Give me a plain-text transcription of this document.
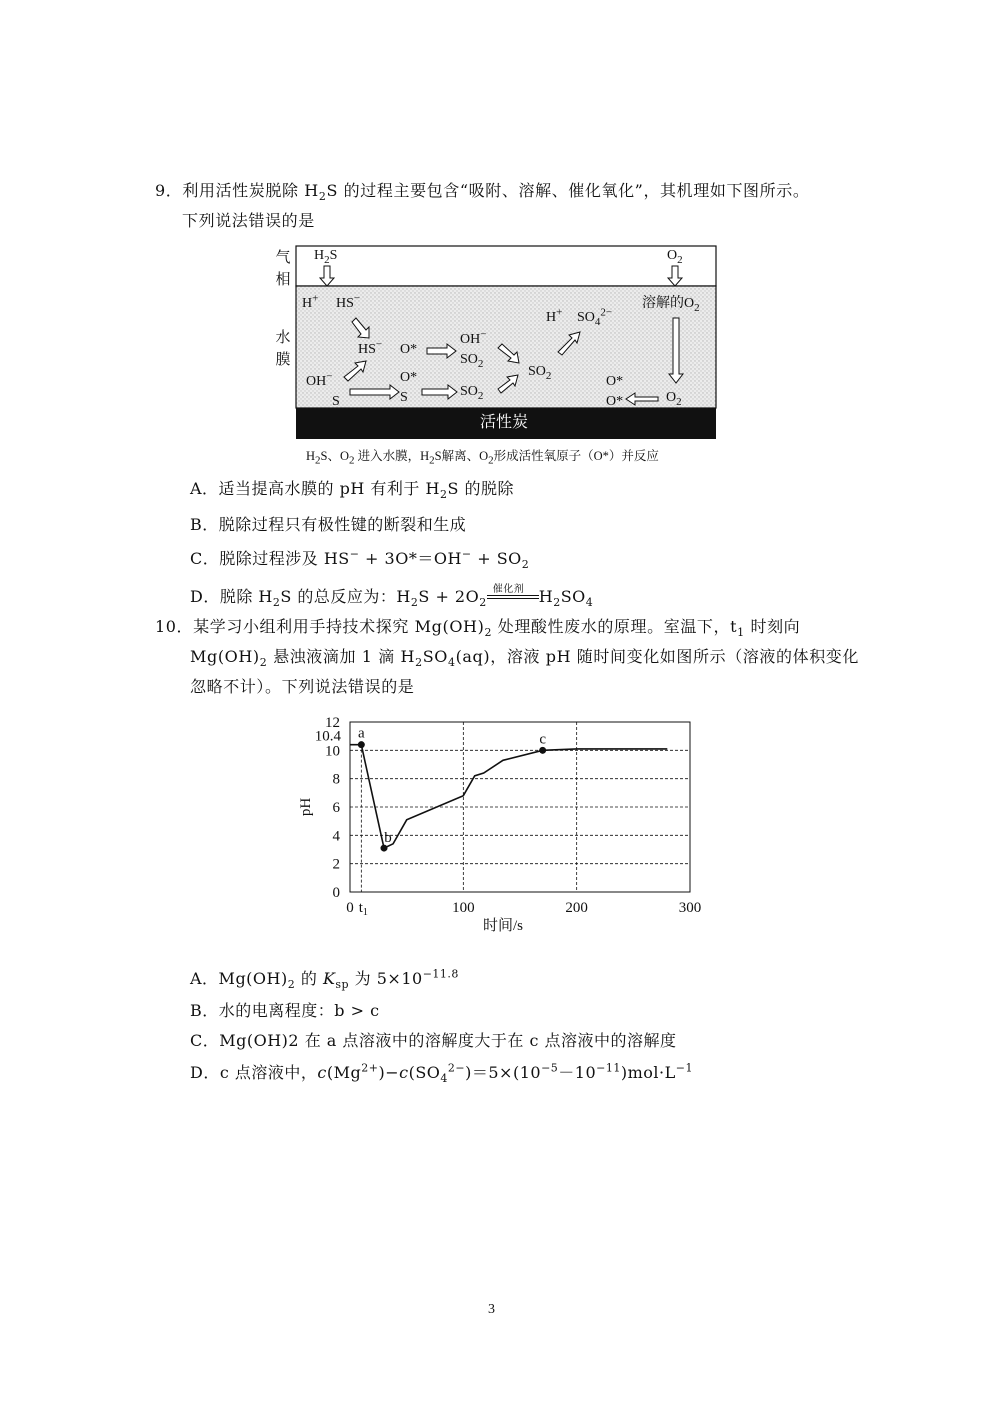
9．利用活性炭脱除 $H_2S$ 的过程主要包含“吸附、溶解、催化氧化”，其机理如下图所示。
下列说法错误的是
气
相
水
膜
$H_2S$	$O_2$
H+ HS−	溶解的$O_2$
H+ $SO_4^{2-}$
OH−
$SO_2$
HS− O*
$SO_2$
OH−
S
O*
S	$SO_2$
O*
O*	$O_2$
活性炭
$H_2S$、$O_2$ 进入水膜，$H_2S$解离、$O_2$形成活性氧原子（O*）并反应
A．适当提高水膜的 pH 有利于 $H_2S$ 的脱除
B．脱除过程只有极性键的断裂和生成
C．脱除过程涉及 $HS^- + 3O*=OH^- + SO_2$
D．脱除 $H_2S$ 的总反应为：$H_2S + 2O_2$
催化剂 $H_2SO_4$
10．某学习小组利用手持技术探究 $Mg(OH)_2$ 处理酸性废水的原理。室温下，$t_1$ 时刻向
$Mg(OH)_2$ 悬浊液滴加 1 滴 $H_2SO_4(aq)$，溶液 pH 随时间变化如图所示（溶液的体积变化
忽略不计）。下列说法错误的是
0
2
4
6
8
10
12
10.4
0	100	200	300
$t_1$
时间/s
pH
a
b
c
A．$Mg(OH)_2$ 的 $K_{sp}$ 为 $5\times 10^{-11.8}$
B．水的电离程度：b > c
C．Mg(OH)2 在 a 点溶液中的溶解度大于在 c 点溶液中的溶解度
D．c 点溶液中，$c(Mg^{2+})-c(SO_4^{2-})=5\times(10^{-5}-10^{-11})mol\cdot L^{-1}$
3
